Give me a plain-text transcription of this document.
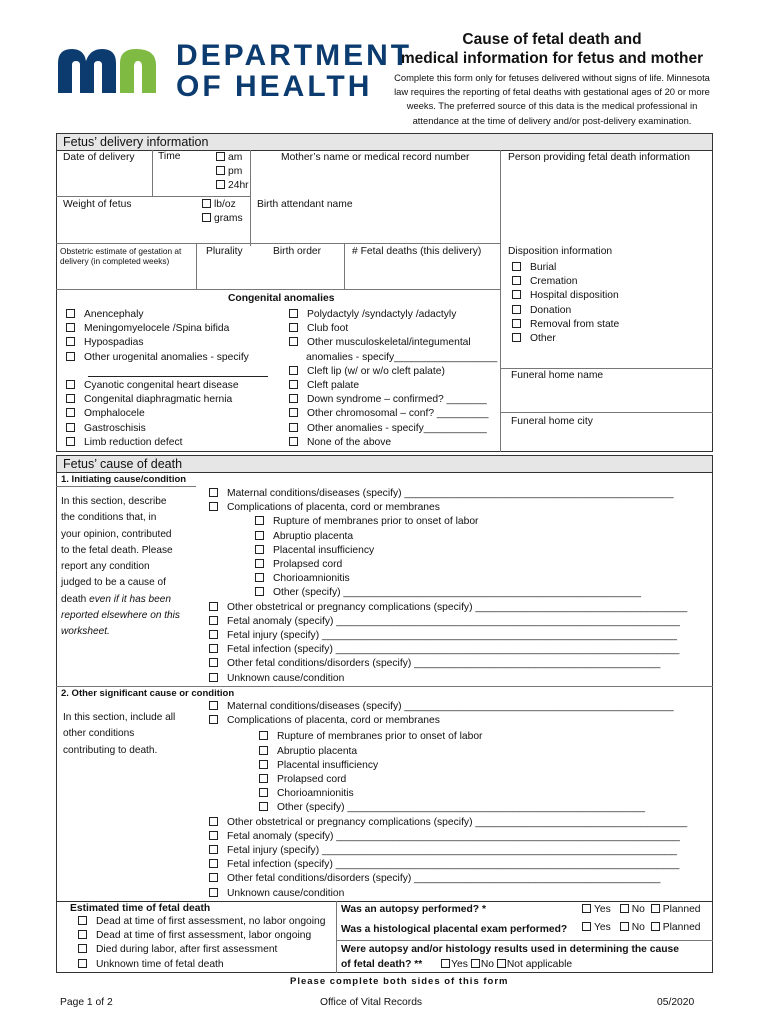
DEPARTMENT
OF HEALTH
Cause of fetal death and
medical information for fetus and mother
Complete this form only for fetuses delivered without signs of life. Minnesota law requires the reporting of fetal deaths with gestational ages of 20 or more weeks. The preferred source of this data is the medical professional in attendance at the time of delivery and/or post-delivery examination.
Fetus’ delivery information
Date of delivery Time	am
pm
24hr
Mother’s name or medical record number	Person providing fetal death information
Weight of fetus	lb/oz
grams
Birth attendant name
Obstetric estimate of gestation at delivery (in completed weeks)
Plurality	Birth order	# Fetal deaths (this delivery)	Disposition information
Burial
Cremation
Hospital disposition
Donation
Removal from state
Other
Funeral home name
Funeral home city
Congenital anomalies
Anencephaly
Meningomyelocele /Spina bifida
Hypospadias
Other urogenital anomalies - specify
Cyanotic congenital heart disease
Congenital diaphragmatic hernia
Omphalocele
Gastroschisis
Limb reduction defect
Polydactyly /syndactyly /adactyly
Club foot
Other musculoskeletal/integumental
anomalies - specify__________________
Cleft lip (w/ or w/o cleft palate)
Cleft palate
Down syndrome – confirmed? _______
Other chromosomal – conf? _________
Other anomalies - specify___________
None of the above
Fetus’ cause of death
1. Initiating cause/condition
In this section, describe
the conditions that, in
your opinion, contributed
to the fetal death. Please
report any condition
judged to be a cause of
death even if it has been
reported elsewhere on this
worksheet.
Maternal conditions/diseases (specify) _______________________________________________
Complications of placenta, cord or membranes
Rupture of membranes prior to onset of labor
Abruptio placenta
Placental insufficiency
Prolapsed cord
Chorioamnionitis
Other (specify) ____________________________________________________
Other obstetrical or pregnancy complications (specify) _____________________________________
Fetal anomaly (specify) ____________________________________________________________
Fetal injury (specify) ______________________________________________________________
Fetal infection (specify) ____________________________________________________________
Other fetal conditions/disorders (specify) ___________________________________________
Unknown cause/condition
2. Other significant cause or condition
In this section, include all
other conditions
contributing to death.
Maternal conditions/diseases (specify) _______________________________________________
Complications of placenta, cord or membranes
Rupture of membranes prior to onset of labor
Abruptio placenta
Placental insufficiency
Prolapsed cord
Chorioamnionitis
Other (specify) ____________________________________________________
Other obstetrical or pregnancy complications (specify) _____________________________________
Fetal anomaly (specify) ____________________________________________________________
Fetal injury (specify) ______________________________________________________________
Fetal infection (specify) ____________________________________________________________
Other fetal conditions/disorders (specify) ___________________________________________
Unknown cause/condition
Estimated time of fetal death
Dead at time of first assessment, no labor ongoing
Dead at time of first assessment, labor ongoing
Died during labor, after first assessment
Unknown time of fetal death
Was an autopsy performed? *	Yes No Planned
Was a histological placental exam performed?	Yes No Planned
Were autopsy and/or histology results used in determining the cause
of fetal death? **	Yes No Not applicable
Please complete both sides of this form
Page 1 of 2	Office of Vital Records	05/2020
